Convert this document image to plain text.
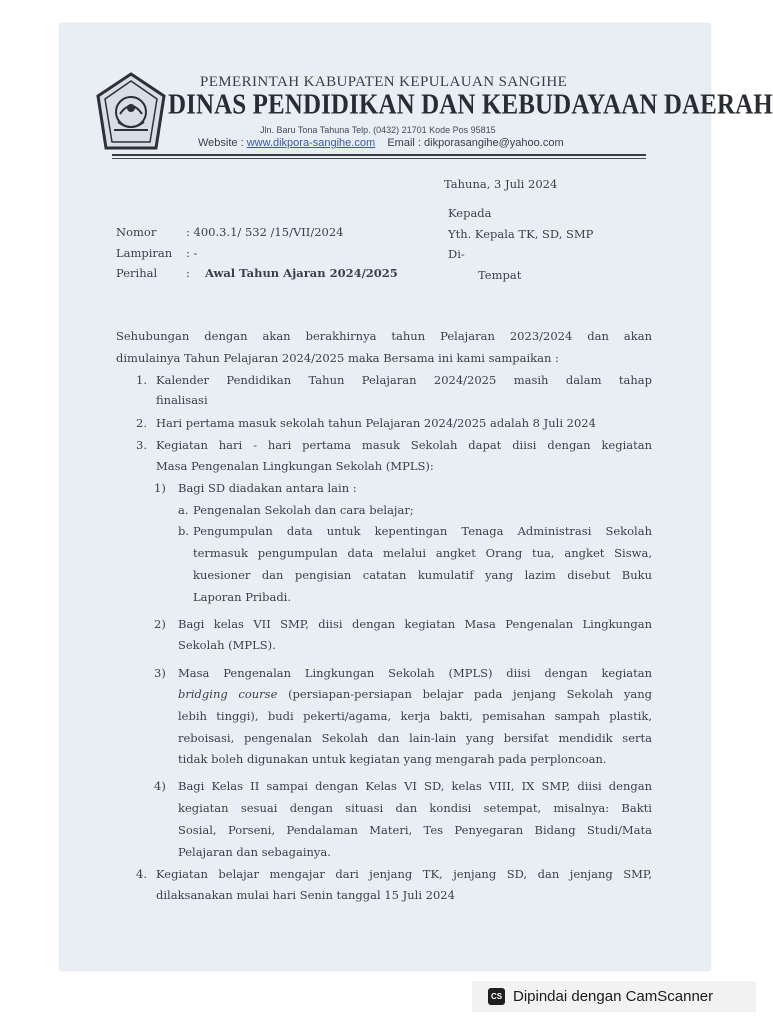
PEMERINTAH KABUPATEN KEPULAUAN SANGIHE
DINAS PENDIDIKAN DAN KEBUDAYAAN DAERAH
Jln. Baru Tona Tahuna Telp. (0432) 21701 Kode Pos 95815
Website : www.dikpora-sangihe.com Email : dikporasangihe@yahoo.com
Tahuna, 3 Juli 2024
Kepada
Yth. Kepala TK, SD, SMP
Di-
Tempat
Nomor	: 400.3.1/ 532 /15/VII/2024
Lampiran : -
Perihal	: Awal Tahun Ajaran 2024/2025
Sehubungan dengan akan berakhirnya tahun Pelajaran 2023/2024 dan akan
dimulainya Tahun Pelajaran 2024/2025 maka Bersama ini kami sampaikan :
1. Kalender Pendidikan Tahun Pelajaran 2024/2025 masih dalam tahap
finalisasi
2. Hari pertama masuk sekolah tahun Pelajaran 2024/2025 adalah 8 Juli 2024
3. Kegiatan hari - hari pertama masuk Sekolah dapat diisi dengan kegiatan
Masa Pengenalan Lingkungan Sekolah (MPLS):
1) Bagi SD diadakan antara lain :
a. Pengenalan Sekolah dan cara belajar;
b. Pengumpulan data untuk kepentingan Tenaga Administrasi Sekolah
termasuk pengumpulan data melalui angket Orang tua, angket Siswa,
kuesioner dan pengisian catatan kumulatif yang lazim disebut Buku
Laporan Pribadi.
2) Bagi kelas VII SMP, diisi dengan kegiatan Masa Pengenalan Lingkungan
Sekolah (MPLS).
3) Masa Pengenalan Lingkungan Sekolah (MPLS) diisi dengan kegiatan
bridging course (persiapan-persiapan belajar pada jenjang Sekolah yang
lebih tinggi), budi pekerti/agama, kerja bakti, pemisahan sampah plastik,
reboisasi, pengenalan Sekolah dan lain-lain yang bersifat mendidik serta
tidak boleh digunakan untuk kegiatan yang mengarah pada perploncoan.
4) Bagi Kelas II sampai dengan Kelas VI SD, kelas VIII, IX SMP, diisi dengan
kegiatan sesuai dengan situasi dan kondisi setempat, misalnya: Bakti
Sosial, Porseni, Pendalaman Materi, Tes Penyegaran Bidang Studi/Mata
Pelajaran dan sebagainya.
4. Kegiatan belajar mengajar dari jenjang TK, jenjang SD, dan jenjang SMP,
dilaksanakan mulai hari Senin tanggal 15 Juli 2024
CS Dipindai dengan CamScanner
